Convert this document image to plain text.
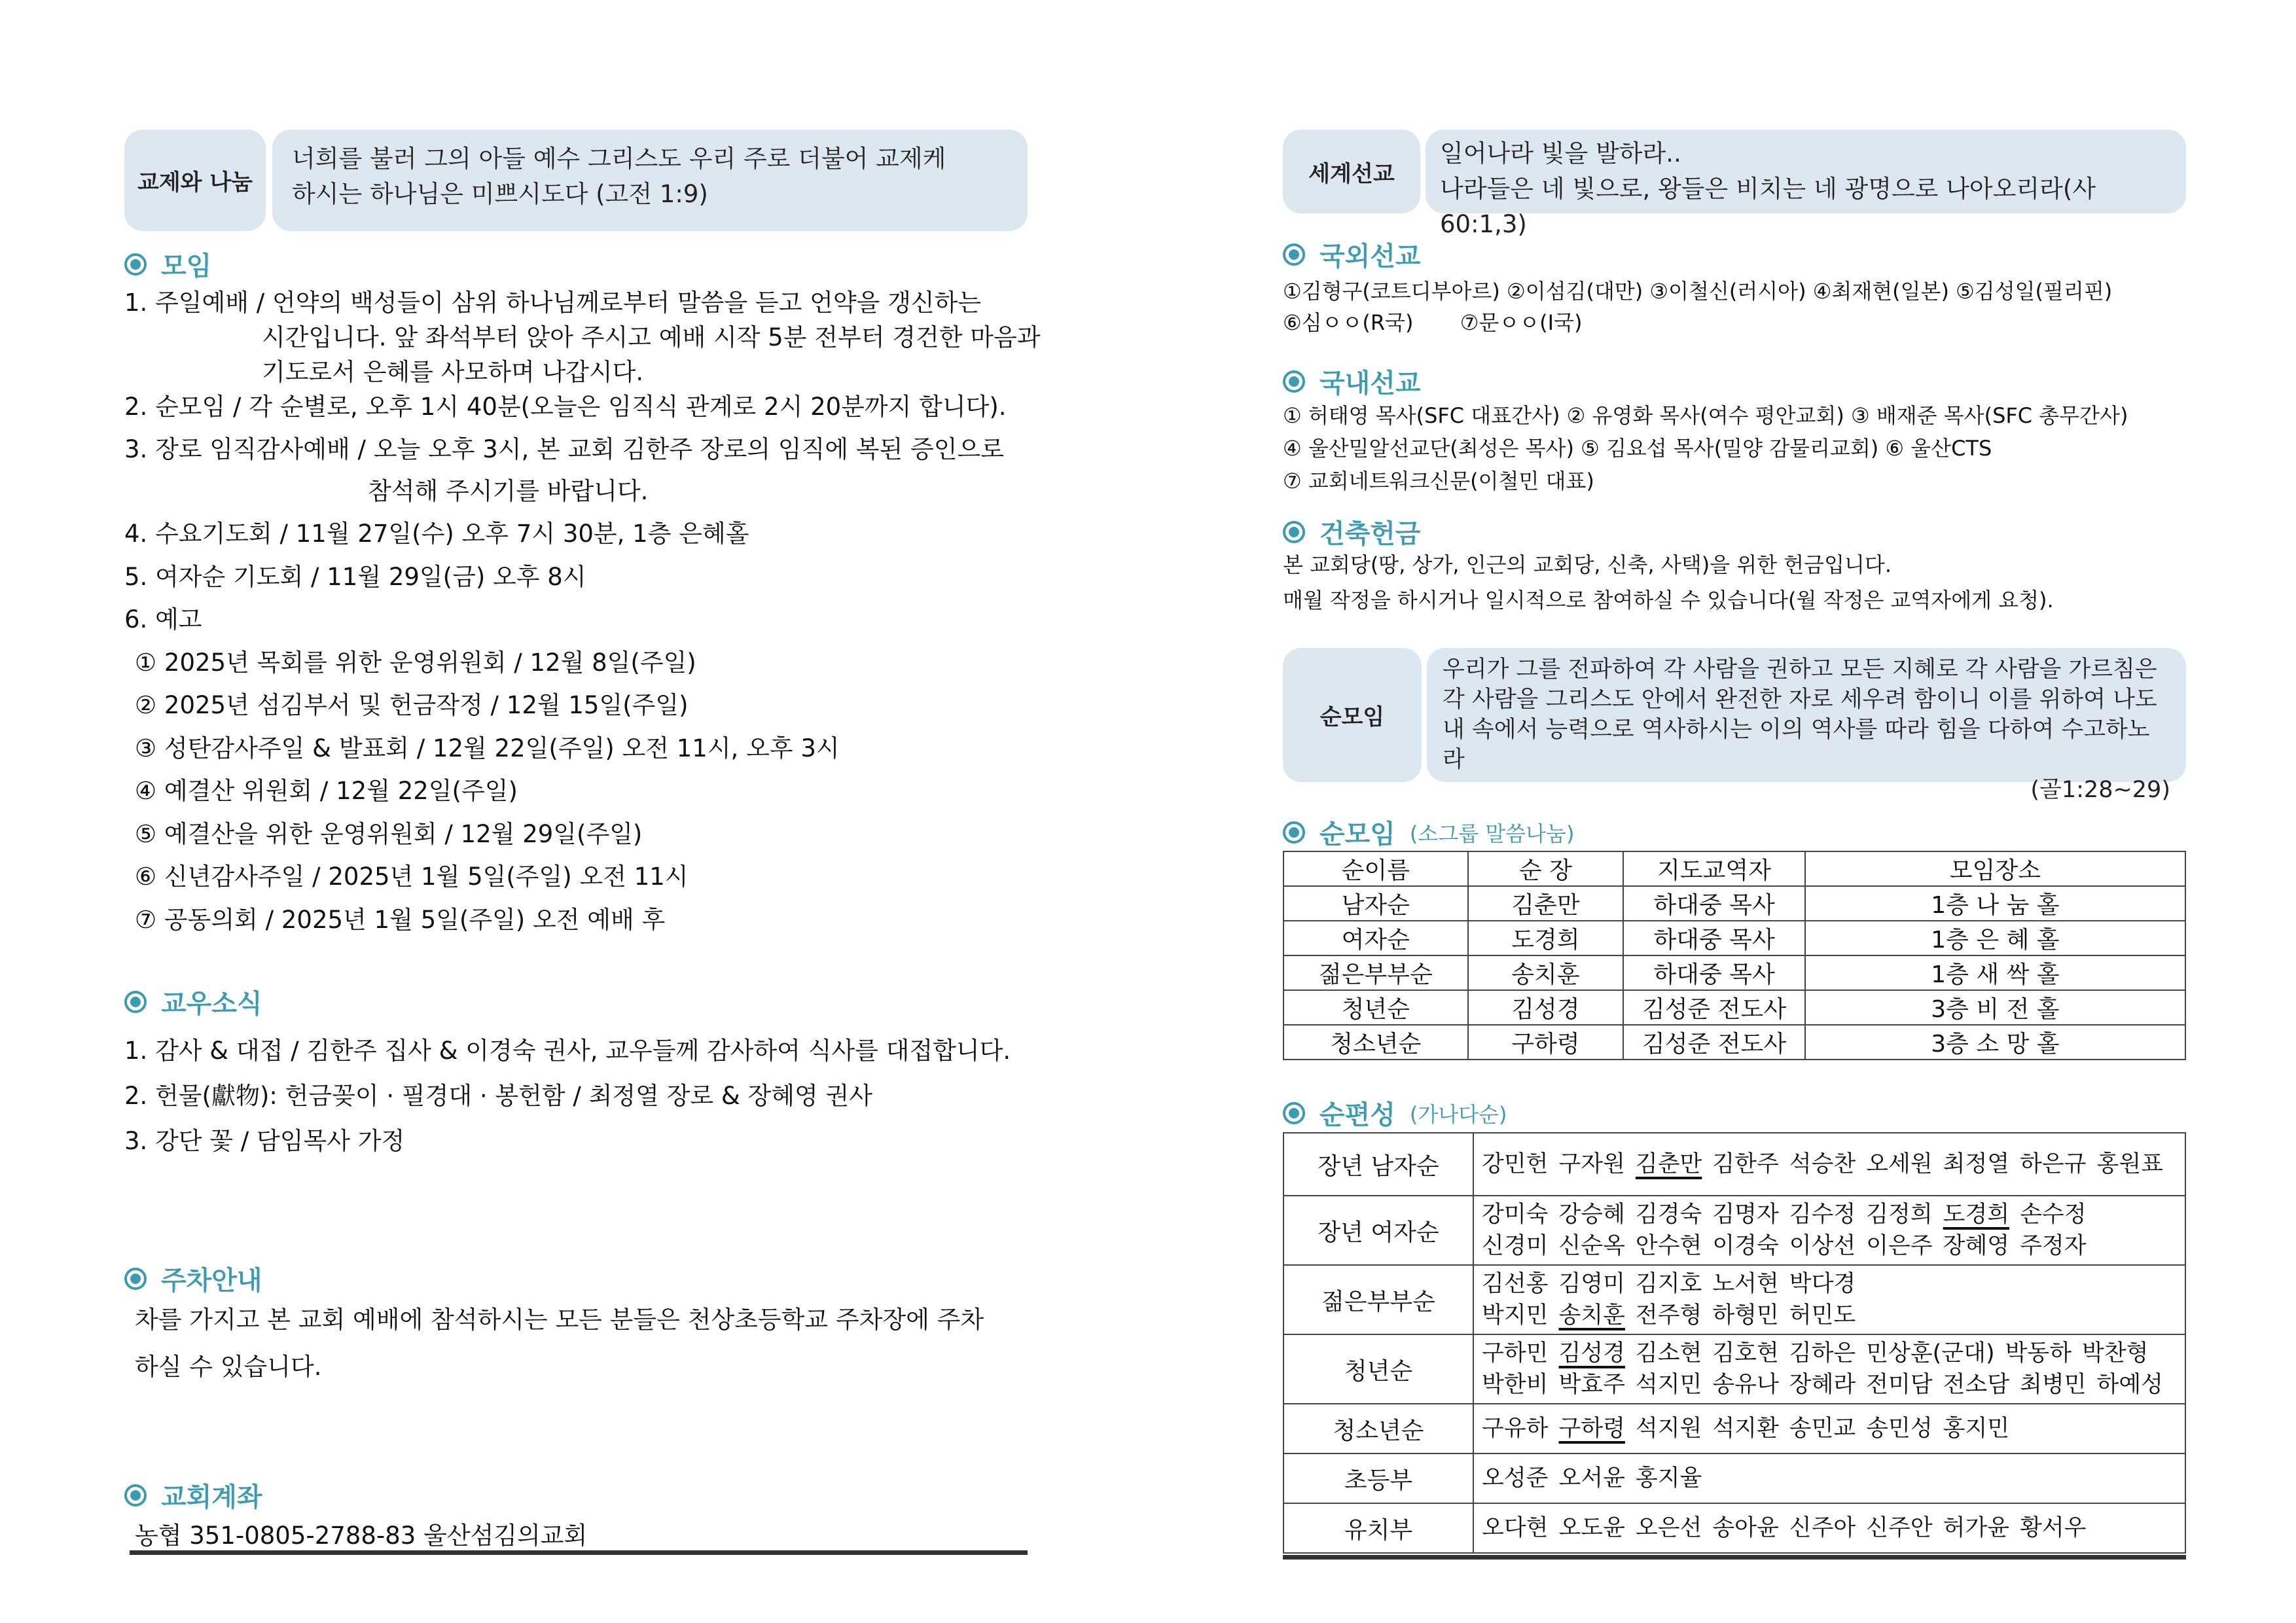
교제와 나눔
너희를 불러 그의 아들 예수 그리스도 우리 주로 더불어 교제케
하시는 하나님은 미쁘시도다 (고전 1:9)
모임
1. 주일예배 / 언약의 백성들이 삼위 하나님께로부터 말씀을 듣고 언약을 갱신하는
시간입니다. 앞 좌석부터 앉아 주시고 예배 시작 5분 전부터 경건한 마음과
기도로서 은혜를 사모하며 나갑시다.
2. 순모임 / 각 순별로, 오후 1시 40분(오늘은 임직식 관계로 2시 20분까지 합니다).
3. 장로 임직감사예배 / 오늘 오후 3시, 본 교회 김한주 장로의 임직에 복된 증인으로
참석해 주시기를 바랍니다.
4. 수요기도회 / 11월 27일(수) 오후 7시 30분, 1층 은혜홀
5. 여자순 기도회 / 11월 29일(금) 오후 8시
6. 예고
① 2025년 목회를 위한 운영위원회 / 12월 8일(주일)
② 2025년 섬김부서 및 헌금작정 / 12월 15일(주일)
③ 성탄감사주일 & 발표회 / 12월 22일(주일) 오전 11시, 오후 3시
④ 예결산 위원회 / 12월 22일(주일)
⑤ 예결산을 위한 운영위원회 / 12월 29일(주일)
⑥ 신년감사주일 / 2025년 1월 5일(주일) 오전 11시
⑦ 공동의회 / 2025년 1월 5일(주일) 오전 예배 후
교우소식
1. 감사 & 대접 / 김한주 집사 & 이경숙 권사, 교우들께 감사하여 식사를 대접합니다.
2. 헌물(獻物): 헌금꽂이 · 필경대 · 봉헌함 / 최정열 장로 & 장혜영 권사
3. 강단 꽃 / 담임목사 가정
주차안내
차를 가지고 본 교회 예배에 참석하시는 모든 분들은 천상초등학교 주차장에 주차
하실 수 있습니다.
교회계좌
농협 351-0805-2788-83 울산섬김의교회
세계선교
일어나라 빛을 발하라..
나라들은 네 빛으로, 왕들은 비치는 네 광명으로 나아오리라(사60:1,3)
국외선교
①김형구(코트디부아르) ②이섬김(대만) ③이철신(러시아) ④최재현(일본) ⑤김성일(필리핀)
⑥심ㅇㅇ(R국)       ⑦문ㅇㅇ(I국)
국내선교
① 허태영 목사(SFC 대표간사) ② 유영화 목사(여수 평안교회) ③ 배재준 목사(SFC 총무간사)
④ 울산밀알선교단(최성은 목사) ⑤ 김요섭 목사(밀양 감물리교회) ⑥ 울산CTS
⑦ 교회네트워크신문(이철민 대표)
건축헌금
본 교회당(땅, 상가, 인근의 교회당, 신축, 사택)을 위한 헌금입니다.
매월 작정을 하시거나 일시적으로 참여하실 수 있습니다(월 작정은 교역자에게 요청).
순모임
우리가 그를 전파하여 각 사람을 권하고 모든 지혜로 각 사람을 가르침은
각 사람을 그리스도 안에서 완전한 자로 세우려 함이니 이를 위하여 나도
내 속에서 능력으로 역사하시는 이의 역사를 따라 힘을 다하여 수고하노라
(골1:28~29)
순모임 (소그룹 말씀나눔)
순이름	순 장	지도교역자	모임장소
남자순	김춘만	하대중 목사	1층 나 눔 홀
여자순	도경희	하대중 목사	1층 은 혜 홀
젊은부부순	송치훈	하대중 목사	1층 새 싹 홀
청년순	김성경	김성준 전도사	3층 비 전 홀
청소년순	구하령	김성준 전도사	3층 소 망 홀
순편성 (가나다순)
장년 남자순	강민헌 구자원 김춘만 김한주 석승찬 오세원 최정열 하은규 홍원표

장년 여자순	강미숙 강승혜 김경숙 김명자 김수정 김정희 도경희 손수정
신경미 신순옥 안수현 이경숙 이상선 이은주 장혜영 주정자

젊은부부순	김선홍 김영미 김지호 노서현 박다경
박지민 송치훈 전주형 하형민 허민도

청년순	구하민 김성경 김소현 김호현 김하은 민상훈(군대) 박동하 박찬형
박한비 박효주 석지민 송유나 장혜라 전미담 전소담 최병민 하예성

청소년순	구유하 구하령 석지원 석지환 송민교 송민성 홍지민

초등부	오성준 오서윤 홍지율

유치부	오다현 오도윤 오은선 송아윤 신주아 신주안 허가윤 황서우
